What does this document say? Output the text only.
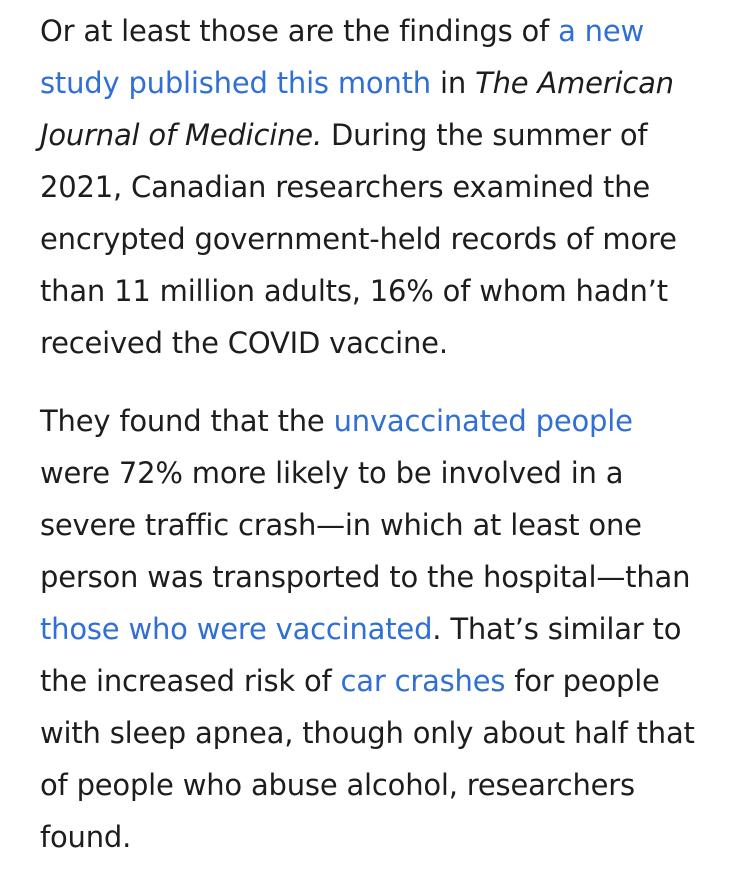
Or at least those are the findings of a new study published this month in The American Journal of Medicine. During the summer of 2021, Canadian researchers examined the encrypted government-held records of more than 11 million adults, 16% of whom hadn’t received the COVID vaccine.

They found that the unvaccinated people were 72% more likely to be involved in a severe traffic crash—in which at least one person was transported to the hospital—than those who were vaccinated. That’s similar to the increased risk of car crashes for people with sleep apnea, though only about half that of people who abuse alcohol, researchers found.
